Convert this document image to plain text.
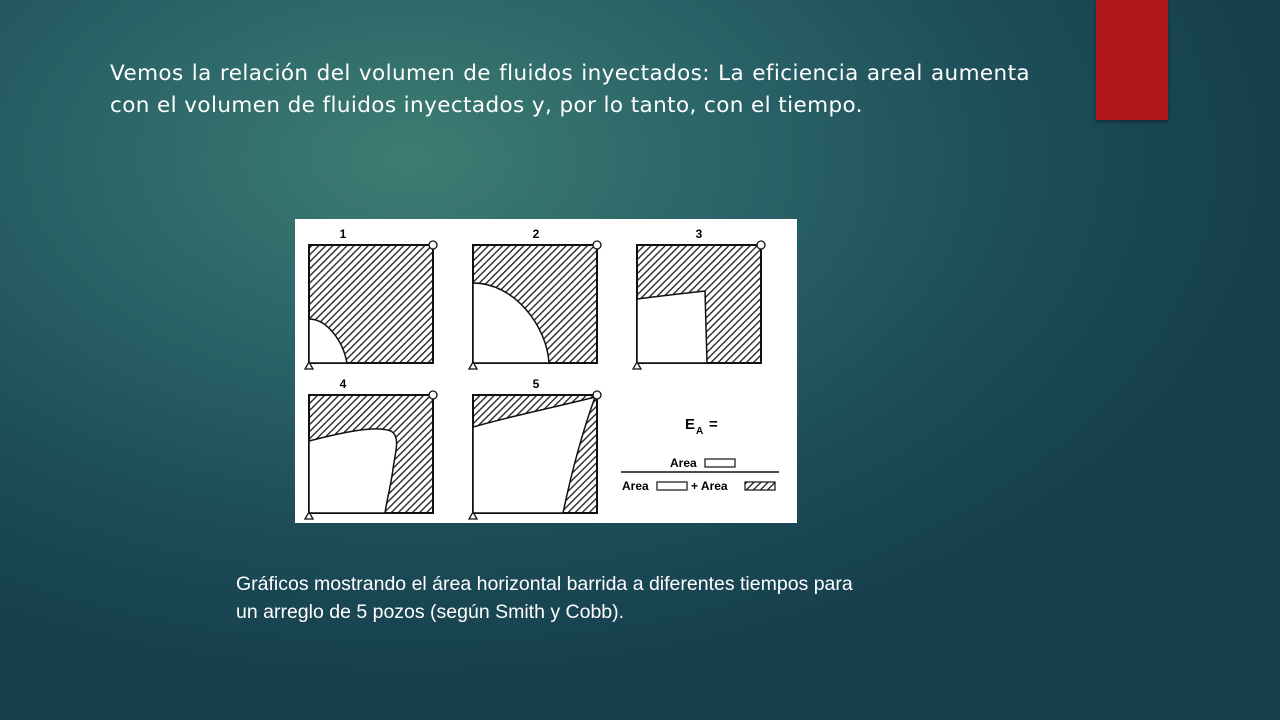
Vemos la relación del volumen de fluidos inyectados: La eficiencia areal aumenta con el volumen de fluidos inyectados y, por lo tanto, con el tiempo.
1	2	3
4	5
E A =
Area
Area	+ Area
Gráficos mostrando el área horizontal barrida a diferentes tiempos para
un arreglo de 5 pozos (según Smith y Cobb).
